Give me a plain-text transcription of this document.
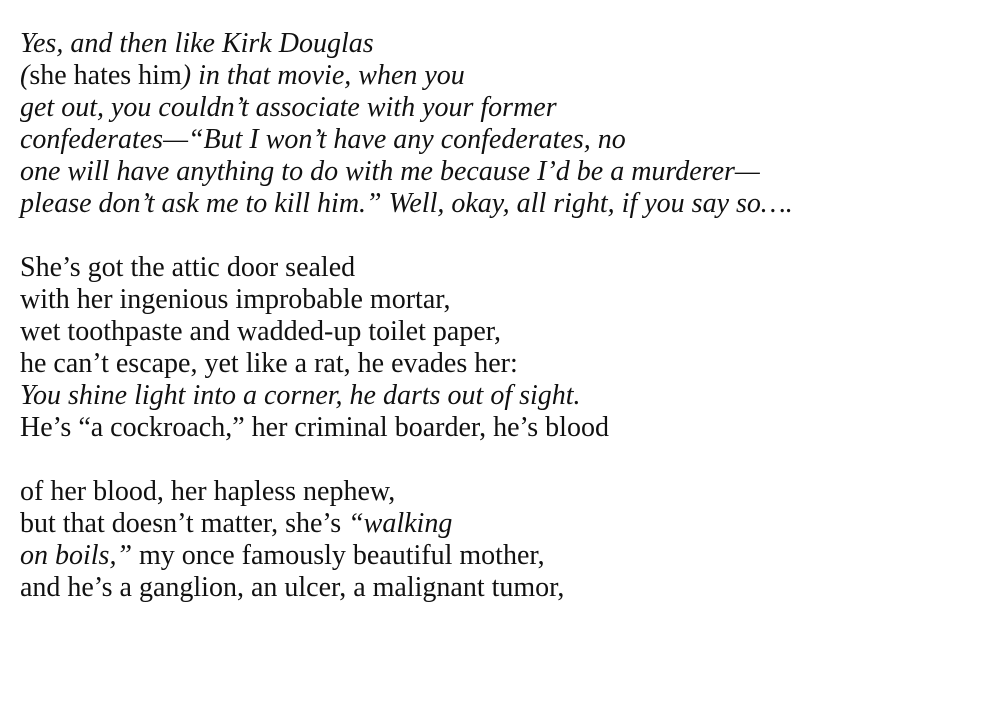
Yes, and then like Kirk Douglas
(she hates him) in that movie, when you
get out, you couldn’t associate with your former
confederates—“But I won’t have any confederates, no
one will have anything to do with me because I’d be a murderer—
please don’t ask me to kill him.” Well, okay, all right, if you say so….
She’s got the attic door sealed
with her ingenious improbable mortar,
wet toothpaste and wadded-up toilet paper,
he can’t escape, yet like a rat, he evades her:
You shine light into a corner, he darts out of sight.
He’s “a cockroach,” her criminal boarder, he’s blood
of her blood, her hapless nephew,
but that doesn’t matter, she’s “walking
on boils,” my once famously beautiful mother,
and he’s a ganglion, an ulcer, a malignant tumor,
